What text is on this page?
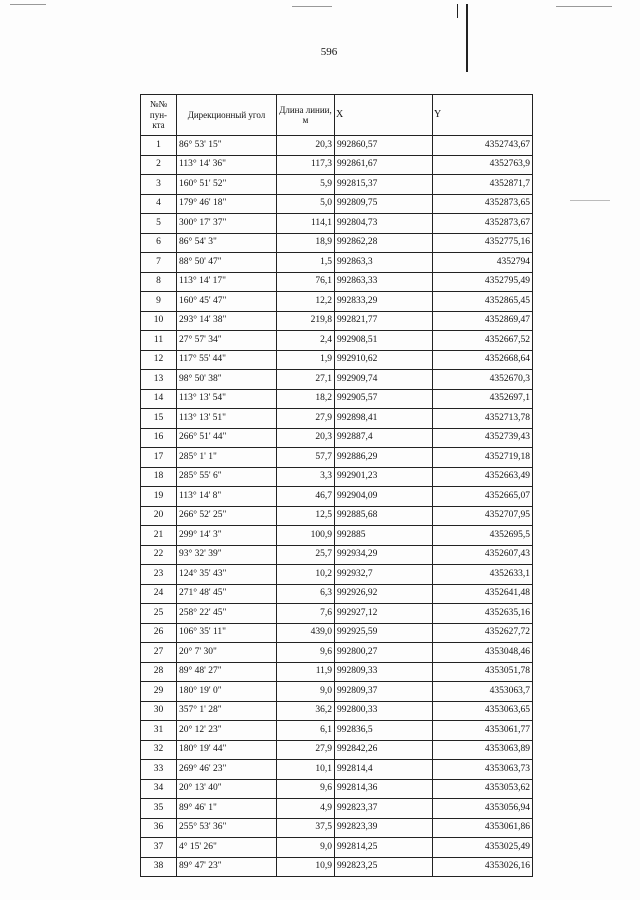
596
№№ пун- кта	Дирекционный угол	Длина линии, м	X	Y
1	86° 53' 15"	20,3	992860,57	4352743,67
2	113° 14' 36"	117,3	992861,67	4352763,9
3	160° 51' 52"	5,9	992815,37	4352871,7
4	179° 46' 18"	5,0	992809,75	4352873,65
5	300° 17' 37"	114,1	992804,73	4352873,67
6	86° 54' 3"	18,9	992862,28	4352775,16
7	88° 50' 47"	1,5	992863,3	4352794
8	113° 14' 17"	76,1	992863,33	4352795,49
9	160° 45' 47"	12,2	992833,29	4352865,45
10	293° 14' 38"	219,8	992821,77	4352869,47
11	27° 57' 34"	2,4	992908,51	4352667,52
12	117° 55' 44"	1,9	992910,62	4352668,64
13	98° 50' 38"	27,1	992909,74	4352670,3
14	113° 13' 54"	18,2	992905,57	4352697,1
15	113° 13' 51"	27,9	992898,41	4352713,78
16	266° 51' 44"	20,3	992887,4	4352739,43
17	285° 1' 1"	57,7	992886,29	4352719,18
18	285° 55' 6"	3,3	992901,23	4352663,49
19	113° 14' 8"	46,7	992904,09	4352665,07
20	266° 52' 25"	12,5	992885,68	4352707,95
21	299° 14' 3"	100,9	992885	4352695,5
22	93° 32' 39"	25,7	992934,29	4352607,43
23	124° 35' 43"	10,2	992932,7	4352633,1
24	271° 48' 45"	6,3	992926,92	4352641,48
25	258° 22' 45"	7,6	992927,12	4352635,16
26	106° 35' 11"	439,0	992925,59	4352627,72
27	20° 7' 30"	9,6	992800,27	4353048,46
28	89° 48' 27"	11,9	992809,33	4353051,78
29	180° 19' 0"	9,0	992809,37	4353063,7
30	357° 1' 28"	36,2	992800,33	4353063,65
31	20° 12' 23"	6,1	992836,5	4353061,77
32	180° 19' 44"	27,9	992842,26	4353063,89
33	269° 46' 23"	10,1	992814,4	4353063,73
34	20° 13' 40"	9,6	992814,36	4353053,62
35	89° 46' 1"	4,9	992823,37	4353056,94
36	255° 53' 36"	37,5	992823,39	4353061,86
37	4° 15' 26"	9,0	992814,25	4353025,49
38	89° 47' 23"	10,9	992823,25	4353026,16
